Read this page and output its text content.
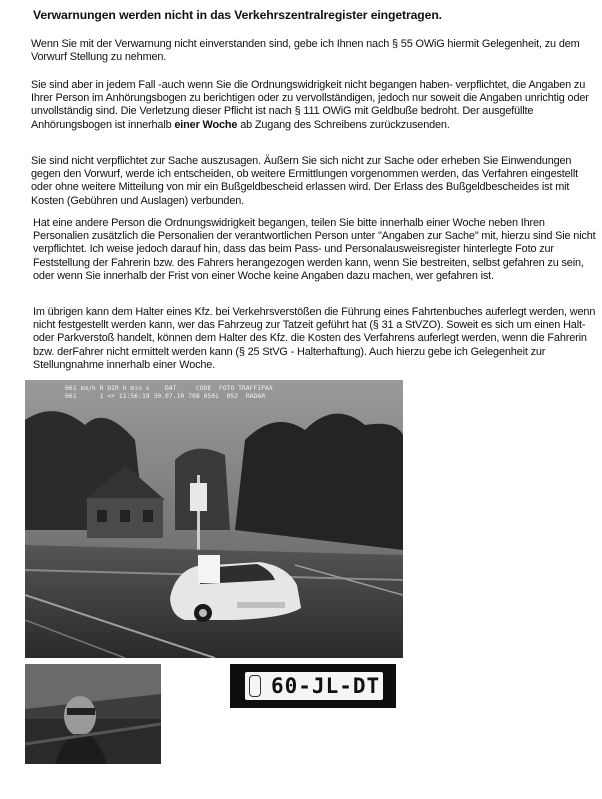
Verwarnungen werden nicht in das Verkehrszentralregister eingetragen.
Wenn Sie mit der Verwarnung nicht einverstanden sind, gebe ich Ihnen nach § 55 OWiG hiermit Gelegenheit, zu dem Vorwurf Stellung zu nehmen.
Sie sind aber in jedem Fall -auch wenn Sie die Ordnungswidrigkeit nicht begangen haben- verpflichtet, die Angaben zu Ihrer Person im Anhörungsbogen zu berichtigen oder zu vervollständigen, jedoch nur soweit die Angaben unrichtig oder unvollständig sind. Die Verletzung dieser Pflicht ist nach § 111 OWiG mit Geldbuße bedroht. Der ausgefüllte Anhörungsbogen ist innerhalb einer Woche ab Zugang des Schreibens zurückzusenden.
Sie sind nicht verpflichtet zur Sache auszusagen. Äußern Sie sich nicht zur Sache oder erheben Sie Einwendungen gegen den Vorwurf, werde ich entscheiden, ob weitere Ermittlungen vorgenommen werden, das Verfahren eingestellt oder ohne weitere Mitteilung von mir ein Bußgeldbescheid erlassen wird. Der Erlass des Bußgeldbescheides ist mit Kosten (Gebühren und Auslagen) verbunden.
Hat eine andere Person die Ordnungswidrigkeit begangen, teilen Sie bitte innerhalb einer Woche neben Ihren Personalien zusätzlich die Personalien der verantwortlichen Person unter "Angaben zur Sache" mit, hierzu sind Sie nicht verpflichtet. Ich weise jedoch darauf hin, dass das beim Pass- und Personalausweisregister hinterlegte Foto zur Feststellung der Fahrerin bzw. des Fahrers herangezogen werden kann, wenn Sie bestreiten, selbst gefahren zu sein, oder wenn Sie innerhalb der Frist von einer Woche keine Angaben dazu machen, wer gefahren ist.
Im übrigen kann dem Halter eines Kfz. bei Verkehrsverstößen die Führung eines Fahrtenbuches auferlegt werden, wenn nicht festgestellt werden kann, wer das Fahrzeug zur Tatzeit geführt hat (§ 31 a StVZO). Soweit es sich um einen Halt- oder Parkverstoß handelt, können dem Halter des Kfz. die Kosten des Verfahrens auferlegt werden, wenn die Fahrerin bzw. derFahrer nicht ermittelt werden kann (§ 25 StVG - Halterhaftung). Auch hierzu gebe ich Gelegenheit zur Stellungnahme innerhalb einer Woche.
061 km/h R DIR h min s    DAT     CODE  FOTO TRAFFIPAX
061      1 <+ 11:56:19 30.07.10 708 0501  052  RADAR
60-JL-DT
